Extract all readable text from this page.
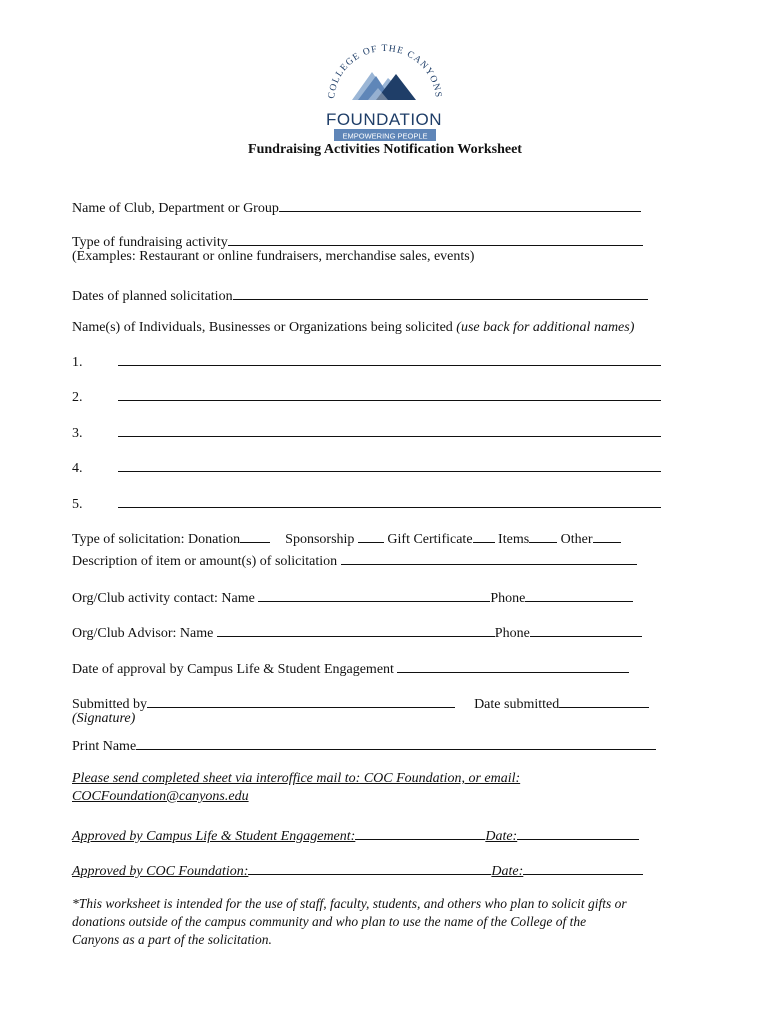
COLLEGE OF THE CANYONS
FOUNDATION
EMPOWERING PEOPLE
Fundraising Activities Notification Worksheet
Name of Club, Department or Group
Type of fundraising activity
(Examples: Restaurant or online fundraisers, merchandise sales, events)
Dates of planned solicitation
Name(s) of Individuals, Businesses or Organizations being solicited (use back for additional names)
1.
2.
3.
4.
5.
Type of solicitation: Donation	Sponsorship Gift Certificate Items Other
Description of item or amount(s) of solicitation
Org/Club activity contact: Name	Phone
Org/Club Advisor: Name	Phone
Date of approval by Campus Life & Student Engagement
Submitted by	Date submitted
(Signature)
Print Name
Please send completed sheet via interoffice mail to: COC Foundation, or email:
COCFoundation@canyons.edu
Approved by Campus Life & Student Engagement:	Date:
Approved by COC Foundation:	Date:
*This worksheet is intended for the use of staff, faculty, students, and others who plan to solicit gifts or
donations outside of the campus community and who plan to use the name of the College of the
Canyons as a part of the solicitation.
